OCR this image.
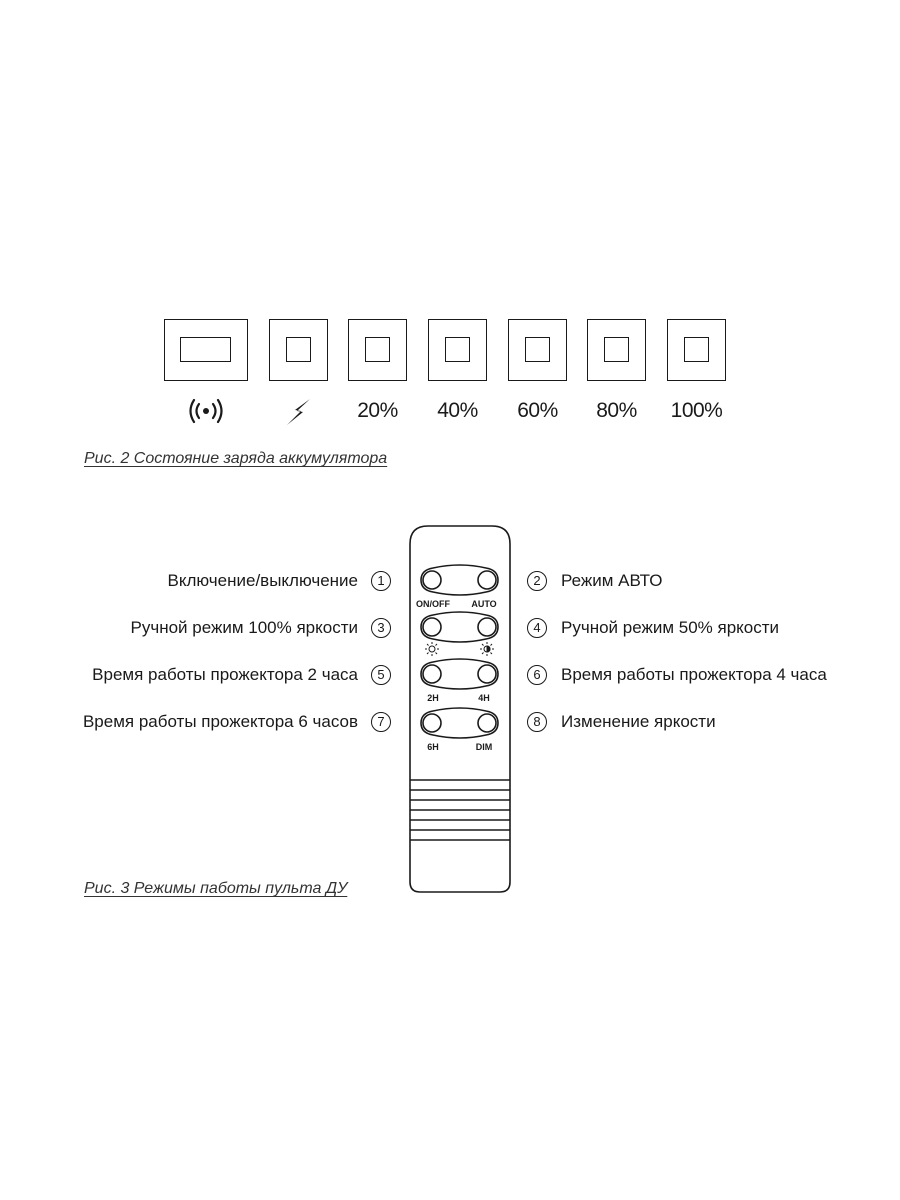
20%	40%	60%	80%	100%
Рис. 2 Состояние заряда аккумулятора
ON/OFF AUTO
2H	4H
6H	DIM
Включение/выключение	1
Ручной режим 100% яркости	3
Время работы прожектора 2 часа	5
Время работы прожектора 6 часов	7
2	Режим АВТО
4	Ручной режим 50% яркости
6	Время работы прожектора 4 часа
8	Изменение яркости
Рис. 3 Режимы паботы пульта ДУ
